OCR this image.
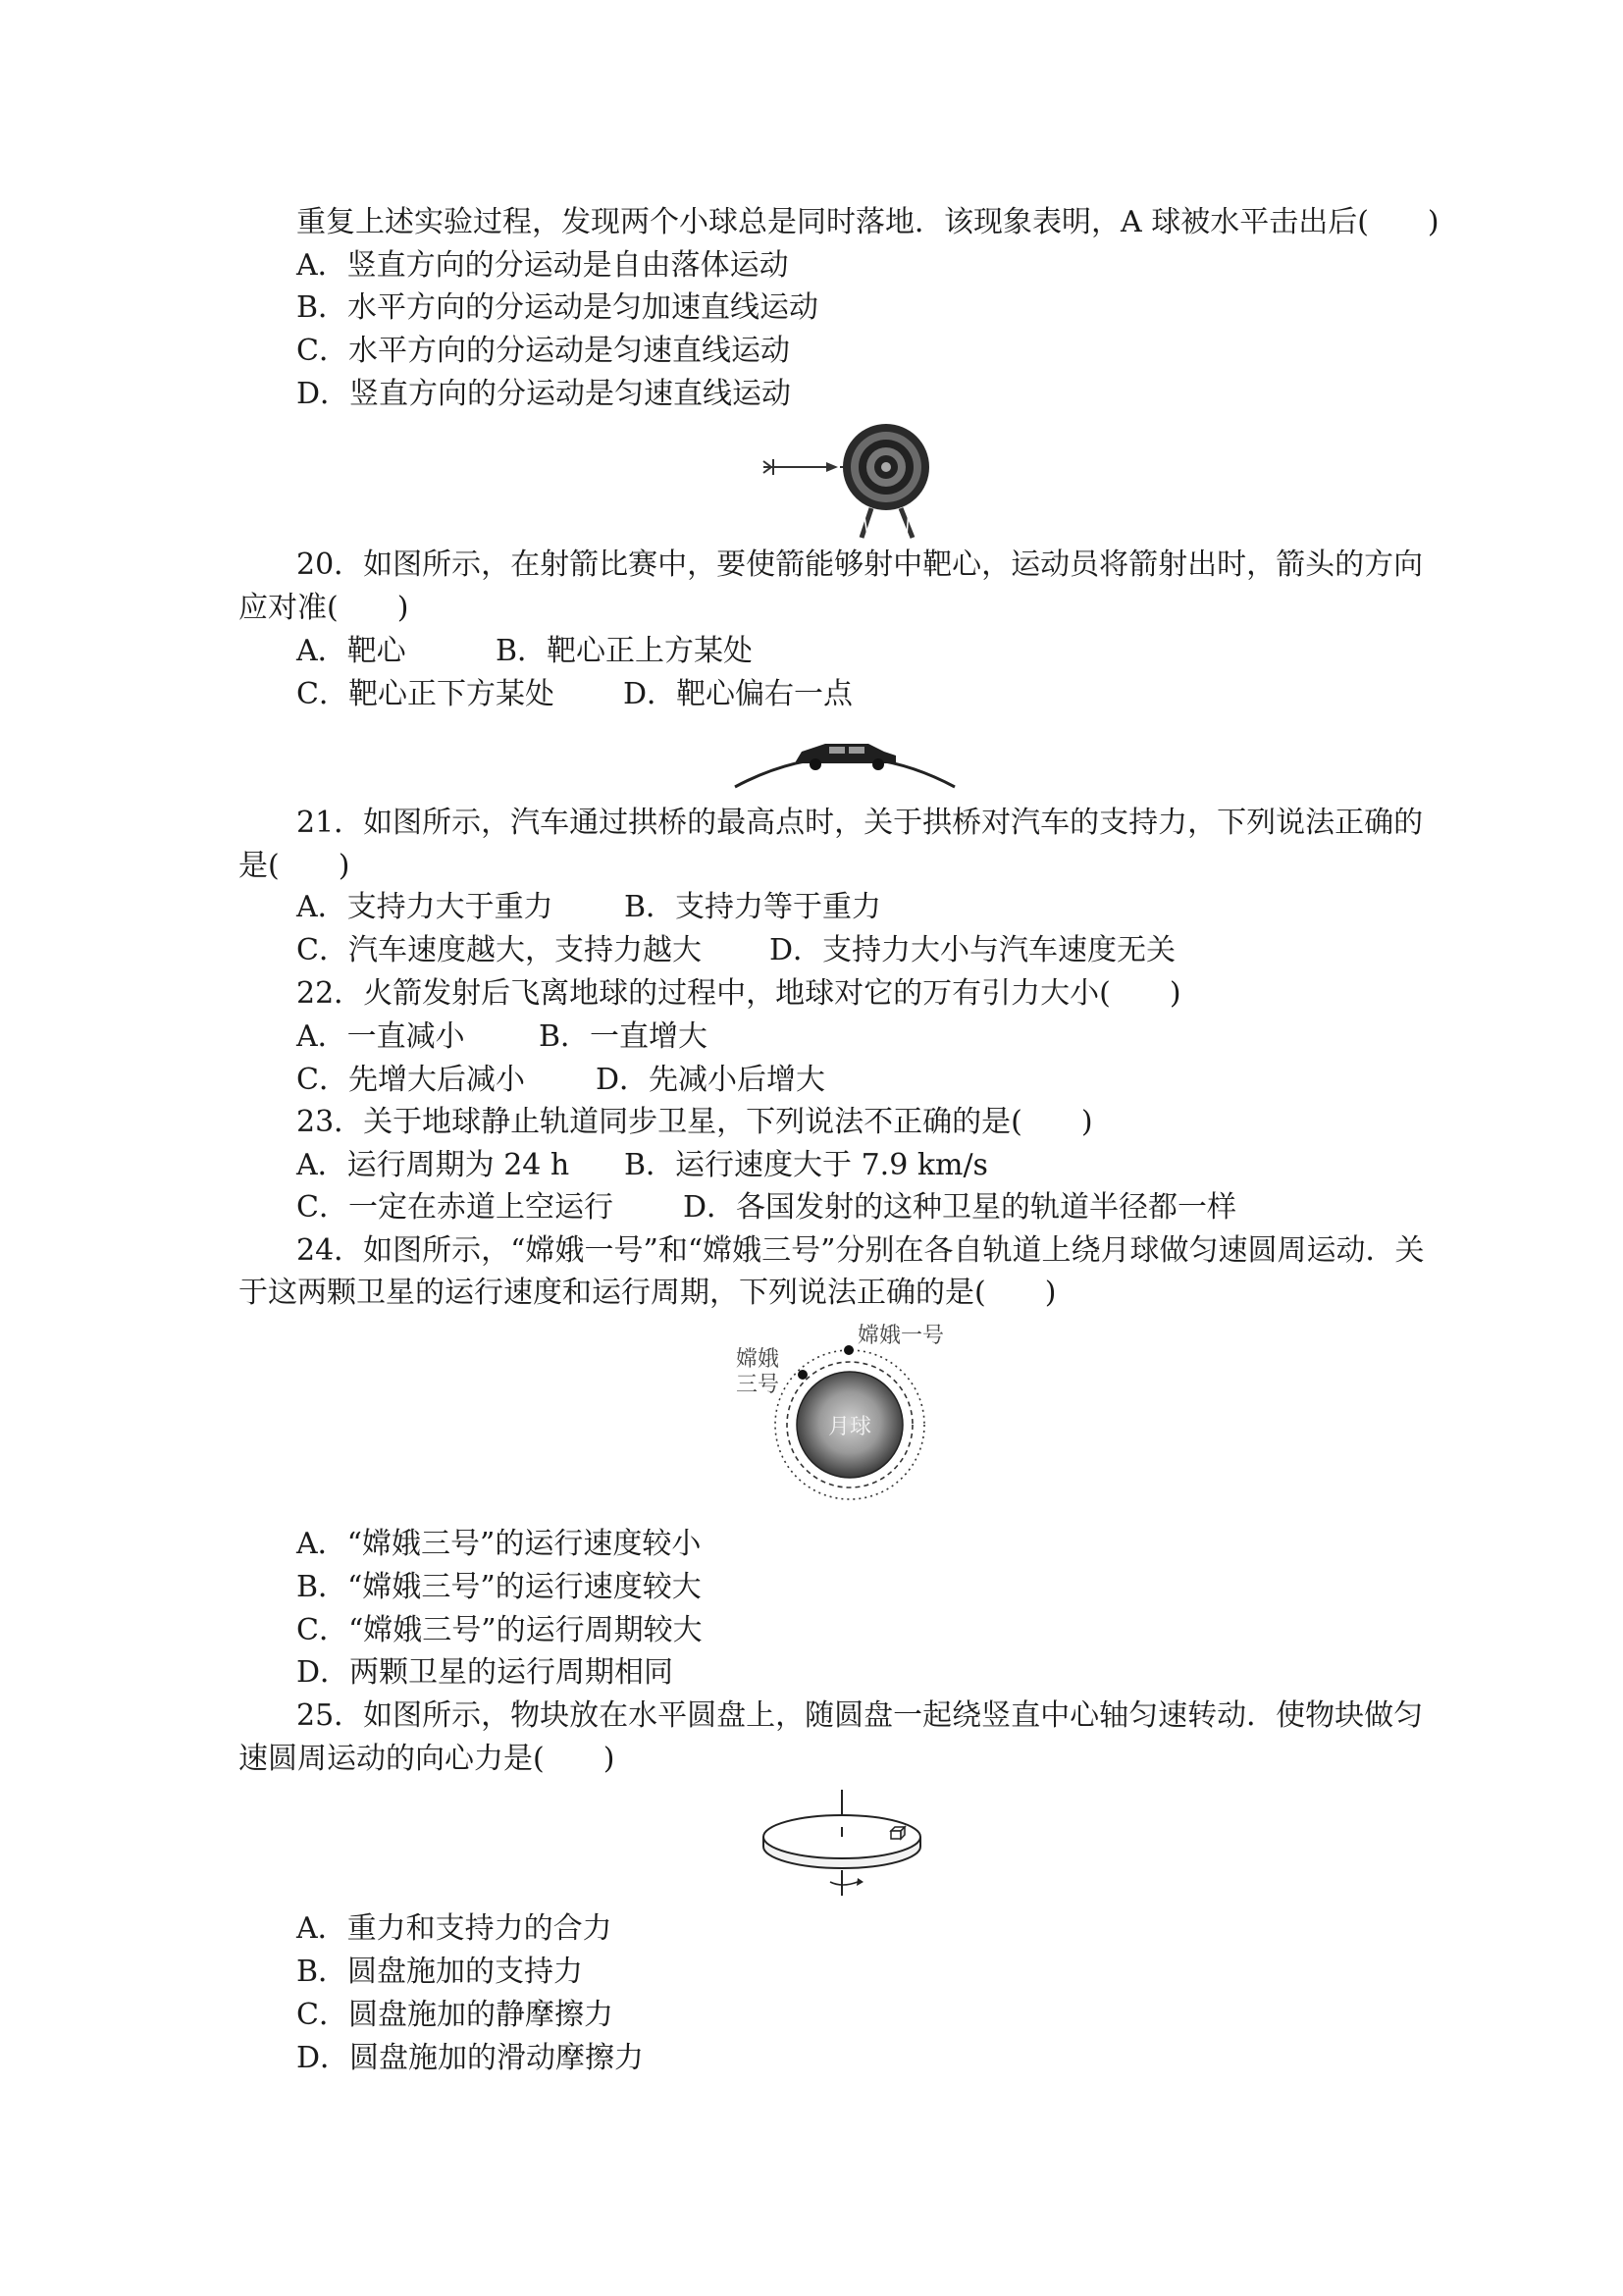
重复上述实验过程，发现两个小球总是同时落地．该现象表明，A 球被水平击出后(　　)
A．竖直方向的分运动是自由落体运动
B．水平方向的分运动是匀加速直线运动
C．水平方向的分运动是匀速直线运动
D．竖直方向的分运动是匀速直线运动
20．如图所示，在射箭比赛中，要使箭能够射中靶心，运动员将箭射出时，箭头的方向
应对准(　　)
A．靶心	B．靶心正上方某处
C．靶心正下方某处 D．靶心偏右一点
21．如图所示，汽车通过拱桥的最高点时，关于拱桥对汽车的支持力，下列说法正确的
是(　　)
A．支持力大于重力 B．支持力等于重力
C．汽车速度越大，支持力越大 D．支持力大小与汽车速度无关
22．火箭发射后飞离地球的过程中，地球对它的万有引力大小(　　)
A．一直减小	B．一直增大
C．先增大后减小 D．先减小后增大
23．关于地球静止轨道同步卫星，下列说法不正确的是(　　)
A．运行周期为 24 h B．运行速度大于 7.9 km/s
C．一定在赤道上空运行 D．各国发射的这种卫星的轨道半径都一样
24．如图所示，“嫦娥一号”和“嫦娥三号”分别在各自轨道上绕月球做匀速圆周运动．关
于这两颗卫星的运行速度和运行周期，下列说法正确的是(　　)
月球
嫦娥一号
嫦娥
三号
A．“嫦娥三号”的运行速度较小
B．“嫦娥三号”的运行速度较大
C．“嫦娥三号”的运行周期较大
D．两颗卫星的运行周期相同
25．如图所示，物块放在水平圆盘上，随圆盘一起绕竖直中心轴匀速转动．使物块做匀
速圆周运动的向心力是(　　)
A．重力和支持力的合力
B．圆盘施加的支持力
C．圆盘施加的静摩擦力
D．圆盘施加的滑动摩擦力
